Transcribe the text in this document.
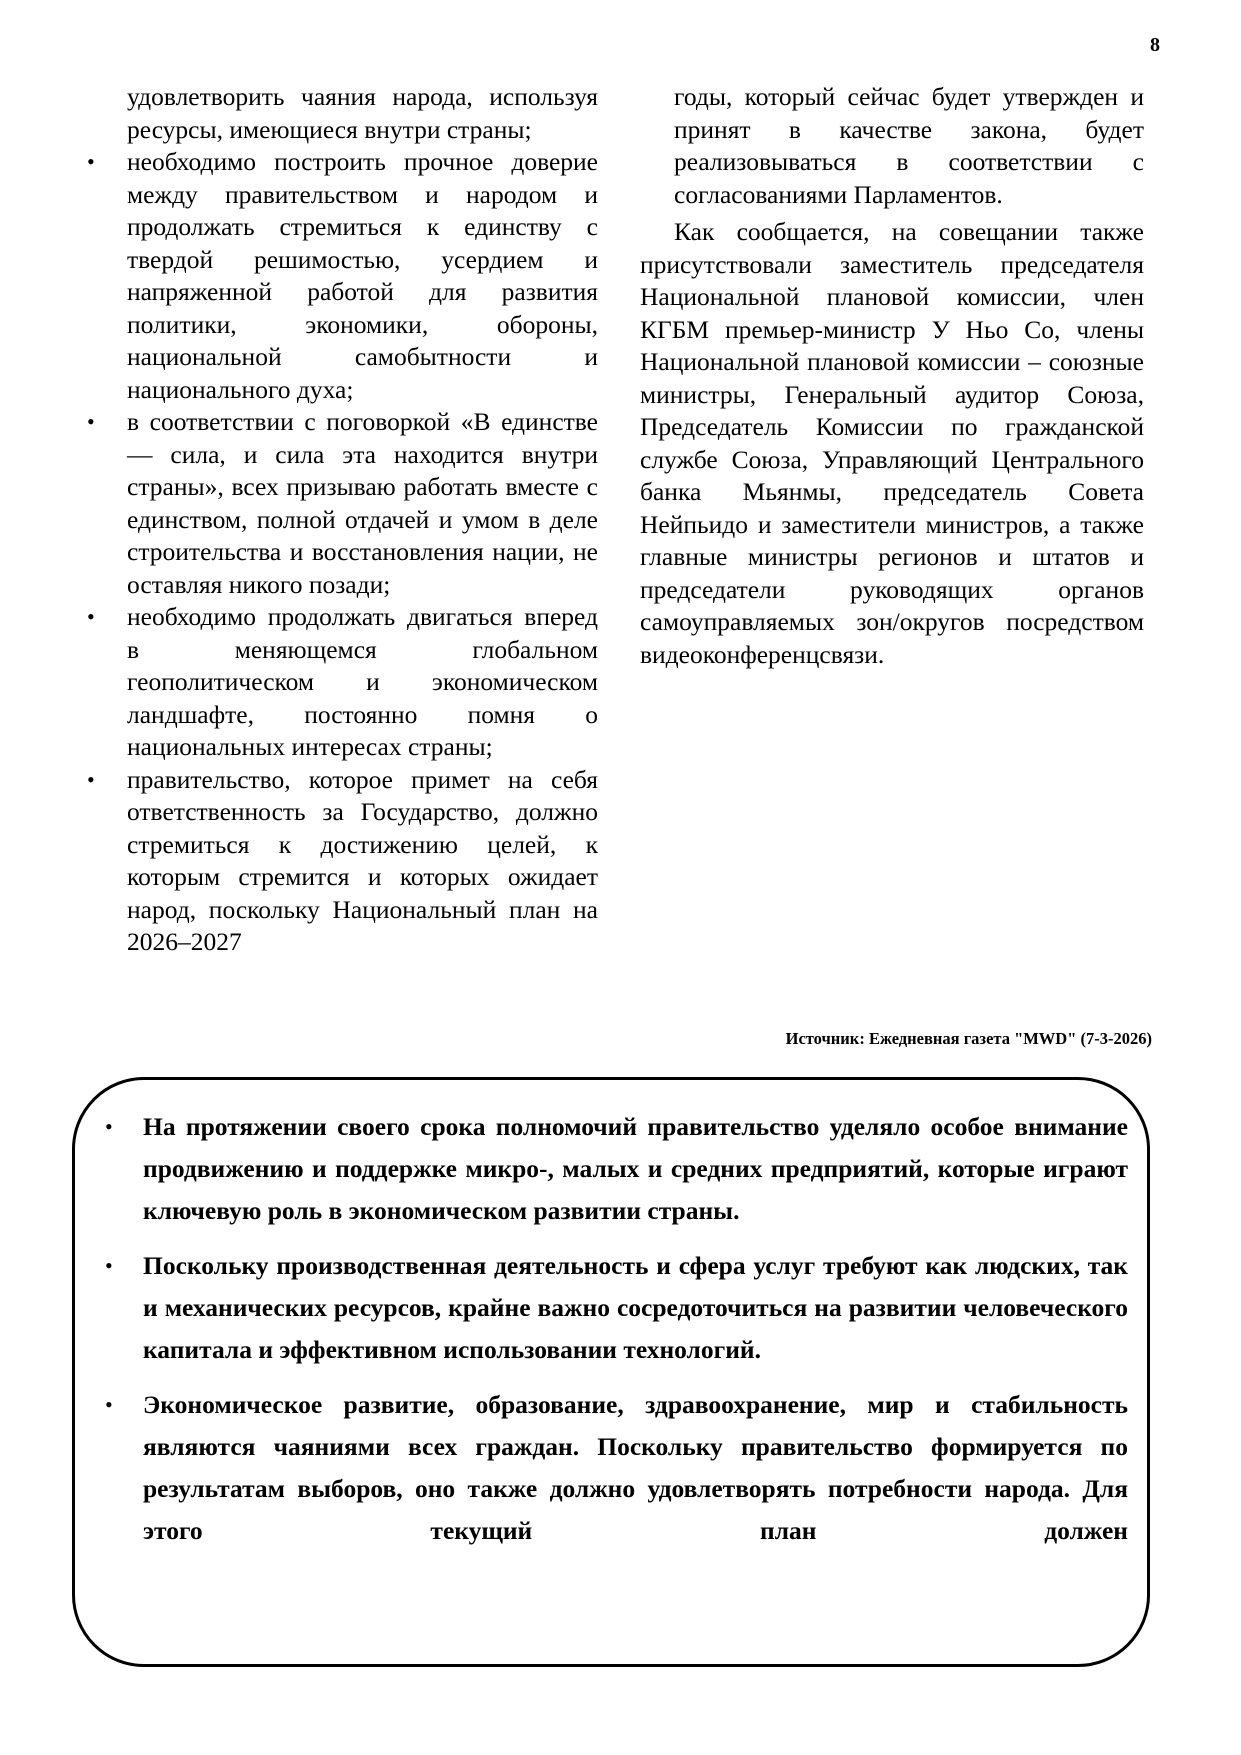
8

удовлетворить чаяния народа, используя ресурсы, имеющиеся внутри страны;

• необходимо построить прочное доверие между правительством и народом и продолжать стремиться к единству с твердой решимостью, усердием и напряженной работой для развития политики, экономики, обороны, национальной самобытности и национального духа;
• в соответствии с поговоркой «В единстве — сила, и сила эта находится внутри страны», всех призываю работать вместе с единством, полной отдачей и умом в деле строительства и восстановления нации, не оставляя никого позади;
• необходимо продолжать двигаться вперед в меняющемся глобальном геополитическом и экономическом ландшафте, постоянно помня о национальных интересах страны;
• правительство, которое примет на себя ответственность за Государство, должно стремиться к достижению целей, к которым стремится и которых ожидает народ, поскольку Национальный план на 2026–2027

годы, который сейчас будет утвержден и принят в качестве закона, будет реализовываться в соответствии с согласованиями Парламентов.

Как сообщается, на совещании также присутствовали заместитель председателя Национальной плановой комиссии, член КГБМ премьер-министр У Ньо Со, члены Национальной плановой комиссии – союзные министры, Генеральный аудитор Союза, Председатель Комиссии по гражданской службе Союза, Управляющий Центрального банка Мьянмы, председатель Совета Нейпьидо и заместители министров, а также главные министры регионов и штатов и председатели руководящих органов самоуправляемых зон/округов посредством видеоконференцсвязи.

Источник: Ежедневная газета "MWD" (7-3-2026)
• На протяжении своего срока полномочий правительство уделяло особое внимание продвижению и поддержке микро-, малых и средних предприятий, которые играют ключевую роль в экономическом развитии страны.
• Поскольку производственная деятельность и сфера услуг требуют как людских, так и механических ресурсов, крайне важно сосредоточиться на развитии человеческого капитала и эффективном использовании технологий.
• Экономическое развитие, образование, здравоохранение, мир и стабильность являются чаяниями всех граждан. Поскольку правительство формируется по результатам выборов, оно также должно удовлетворять потребности народа. Для этого текущий план должен
